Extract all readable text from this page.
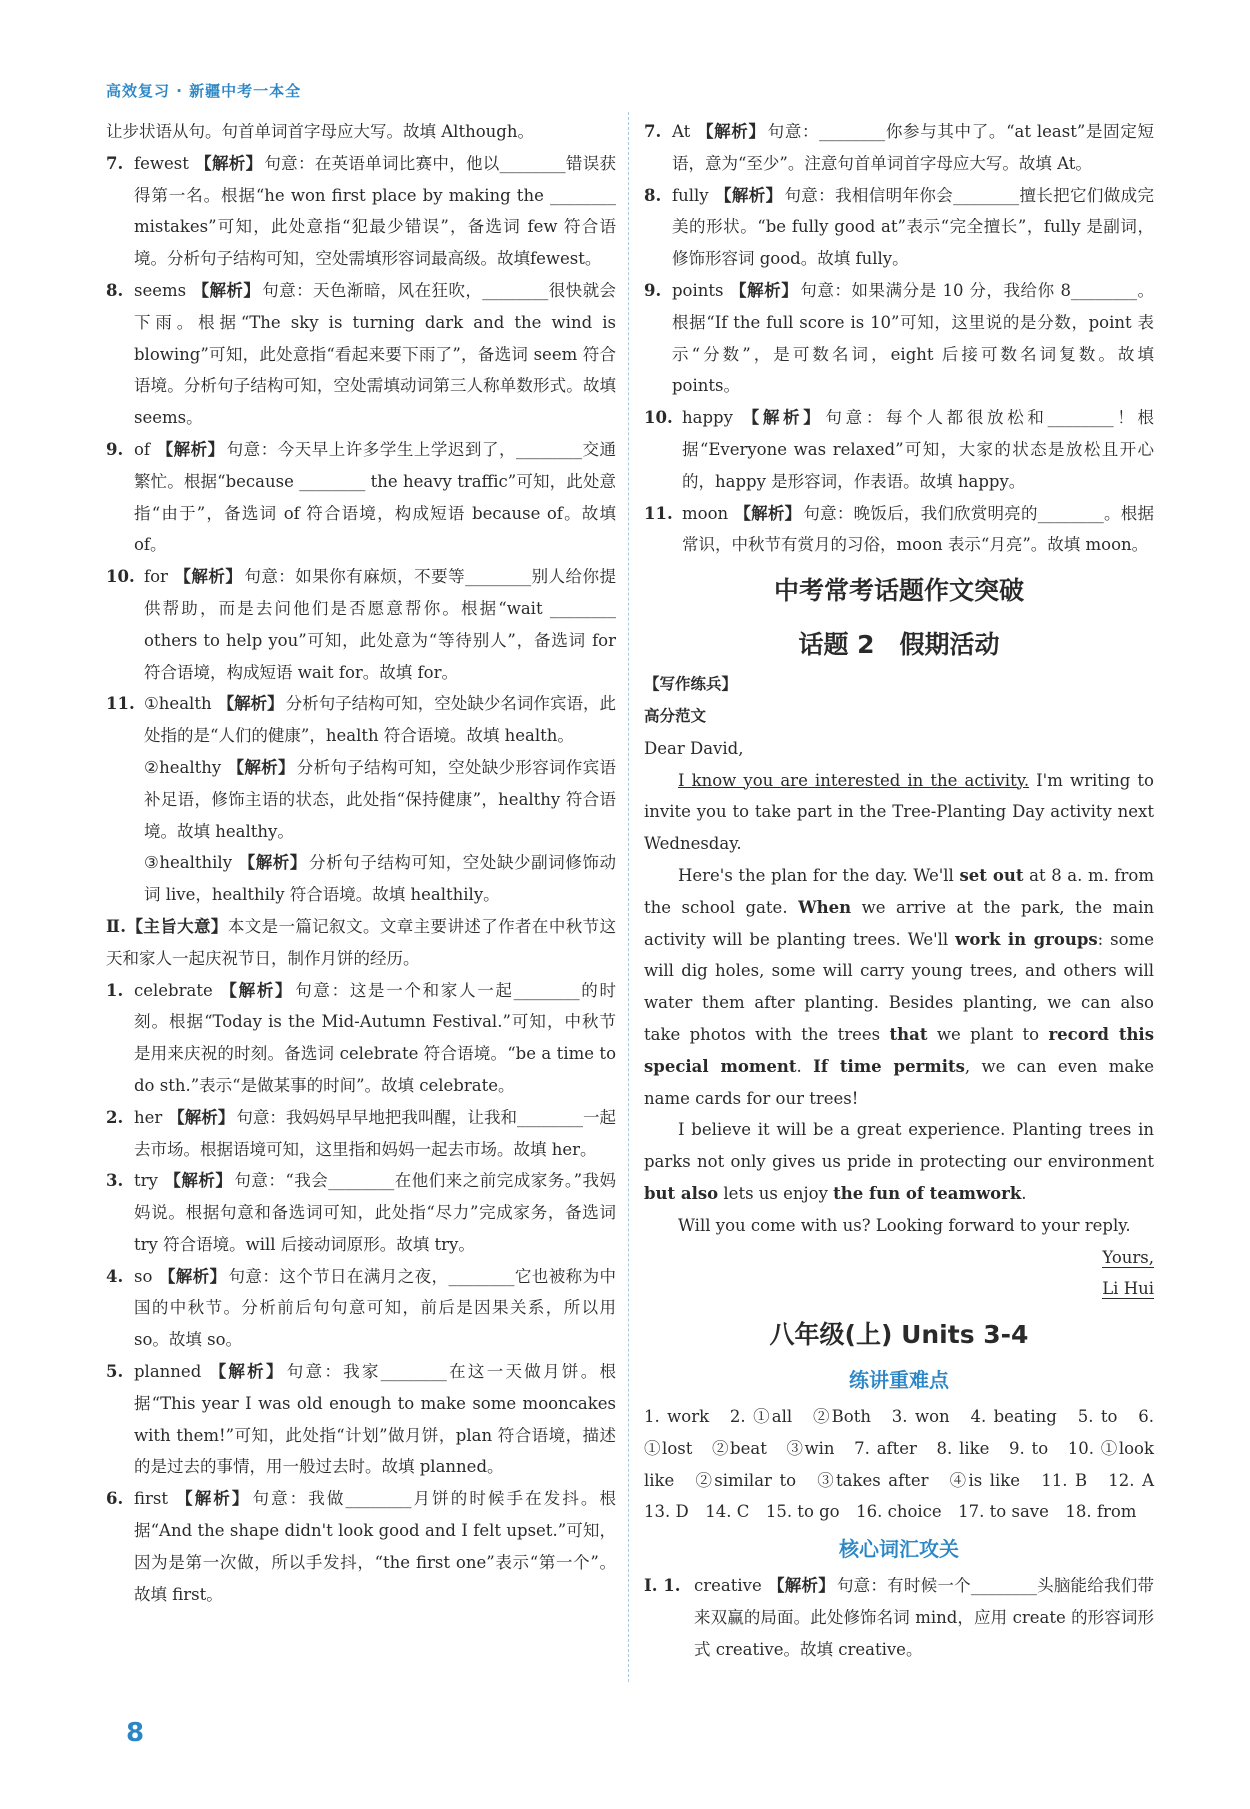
高效复习 · 新疆中考一本全
让步状语从句。句首单词首字母应大写。故填 Although。
7. fewest 【解析】 句意：在英语单词比赛中，他以________错误获得第一名。根据“he won first place by making the ________ mistakes”可知，此处意指“犯最少错误”，备选词 few 符合语境。分析句子结构可知，空处需填形容词最高级。故填fewest。
8. seems 【解析】 句意：天色渐暗，风在狂吹，________很快就会下雨。根据“The sky is turning dark and the wind is blowing”可知，此处意指“看起来要下雨了”，备选词 seem 符合语境。分析句子结构可知，空处需填动词第三人称单数形式。故填 seems。
9. of 【解析】 句意：今天早上许多学生上学迟到了，________交通繁忙。根据“because ________ the heavy traffic”可知，此处意指“由于”，备选词 of 符合语境，构成短语 because of。故填 of。
10. for 【解析】 句意：如果你有麻烦，不要等________别人给你提供帮助，而是去问他们是否愿意帮你。根据“wait ________ others to help you”可知，此处意为“等待别人”，备选词 for 符合语境，构成短语 wait for。故填 for。
11. ①health 【解析】 分析句子结构可知，空处缺少名词作宾语，此处指的是“人们的健康”，health 符合语境。故填 health。
②healthy 【解析】 分析句子结构可知，空处缺少形容词作宾语补足语，修饰主语的状态，此处指“保持健康”，healthy 符合语境。故填 healthy。
③healthily 【解析】 分析句子结构可知，空处缺少副词修饰动词 live，healthily 符合语境。故填 healthily。
Ⅱ.【主旨大意】本文是一篇记叙文。文章主要讲述了作者在中秋节这天和家人一起庆祝节日，制作月饼的经历。
1. celebrate 【解析】 句意：这是一个和家人一起________的时刻。根据“Today is the Mid-Autumn Festival.”可知，中秋节是用来庆祝的时刻。备选词 celebrate 符合语境。“be a time to do sth.”表示“是做某事的时间”。故填 celebrate。
2. her 【解析】 句意：我妈妈早早地把我叫醒，让我和________一起去市场。根据语境可知，这里指和妈妈一起去市场。故填 her。
3. try 【解析】 句意：“我会________在他们来之前完成家务。”我妈妈说。根据句意和备选词可知，此处指“尽力”完成家务，备选词 try 符合语境。will 后接动词原形。故填 try。
4. so 【解析】 句意：这个节日在满月之夜，________它也被称为中国的中秋节。分析前后句句意可知，前后是因果关系，所以用 so。故填 so。
5. planned 【解析】 句意：我家________在这一天做月饼。根据“This year I was old enough to make some mooncakes with them!”可知，此处指“计划”做月饼，plan 符合语境，描述的是过去的事情，用一般过去时。故填 planned。
6. first 【解析】 句意：我做________月饼的时候手在发抖。根据“And the shape didn't look good and I felt upset.”可知，因为是第一次做，所以手发抖，“the first one”表示“第一个”。故填 first。
7. At 【解析】 句意：________你参与其中了。“at least”是固定短语，意为“至少”。注意句首单词首字母应大写。故填 At。
8. fully 【解析】 句意：我相信明年你会________擅长把它们做成完美的形状。“be fully good at”表示“完全擅长”，fully 是副词，修饰形容词 good。故填 fully。
9. points 【解析】 句意：如果满分是 10 分，我给你 8________。根据“If the full score is 10”可知，这里说的是分数，point 表示“分数”，是可数名词，eight 后接可数名词复数。故填 points。
10. happy 【解析】 句意：每个人都很放松和________！根据“Everyone was relaxed”可知，大家的状态是放松且开心的，happy 是形容词，作表语。故填 happy。
11. moon 【解析】 句意：晚饭后，我们欣赏明亮的________。根据常识，中秋节有赏月的习俗，moon 表示“月亮”。故填 moon。
中考常考话题作文突破
话题 2　假期活动
【写作练兵】
高分范文

Dear David,

I know you are interested in the activity. I'm writing to invite you to take part in the Tree-Planting Day activity next Wednesday.

Here's the plan for the day. We'll set out at 8 a. m. from the school gate. When we arrive at the park, the main activity will be planting trees. We'll work in groups: some will dig holes, some will carry young trees, and others will water them after planting. Besides planting, we can also take photos with the trees that we plant to record this special moment. If time permits, we can even make name cards for our trees!

I believe it will be a great experience. Planting trees in parks not only gives us pride in protecting our environment but also lets us enjoy the fun of teamwork.

Will you come with us? Looking forward to your reply.

Yours,
Li Hui
八年级(上) Units 3-4
练讲重难点
1. work　2. ①all　②Both　3. won　4. beating　5. to　6. ①lost　②beat　③win　7. after　8. like　9. to　10. ①look like　②similar to　③takes after　④is like　11. B　12. A　13. D　14. C　15. to go　16. choice　17. to save　18. from
核心词汇攻关
Ⅰ. 1. creative 【解析】 句意：有时候一个________头脑能给我们带来双赢的局面。此处修饰名词 mind，应用 create 的形容词形式 creative。故填 creative。
8
